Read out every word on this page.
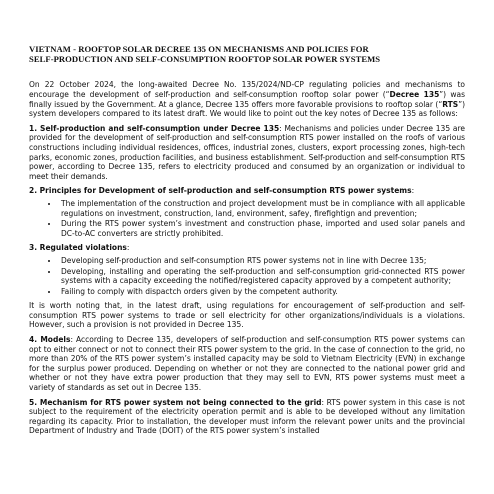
VIETNAM - ROOFTOP SOLAR DECREE 135 ON MECHANISMS AND POLICIES FOR
SELF-PRODUCTION AND SELF-CONSUMPTION ROOFTOP SOLAR POWER SYSTEMS

On 22 October 2024, the long-awaited Decree No. 135/2024/ND-CP regulating policies and mechanisms to encourage the development of self-production and self-consumption rooftop solar power (“Decree 135”) was finally issued by the Government. At a glance, Decree 135 offers more favorable provisions to rooftop solar (“RTS”) system developers compared to its latest draft. We would like to point out the key notes of Decree 135 as follows:

1. Self-production and self-consumption under Decree 135: Mechanisms and policies under Decree 135 are provided for the development of self-production and self-consumption RTS power installed on the roofs of various constructions including individual residences, offices, industrial zones, clusters, export processing zones, high-tech parks, economic zones, production facilities, and business establishment. Self-production and self-consumption RTS power, according to Decree 135, refers to electricity produced and consumed by an organization or individual to meet their demands.

2. Principles for Development of self-production and self-consumption RTS power systems:

• The implementation of the construction and project development must be in compliance with all applicable regulations on investment, construction, land, environment, safey, firefightign and prevention;
• During the RTS power system’s investment and construction phase, imported and used solar panels and DC-to-AC converters are strictly prohibited.

3. Regulated violations:

• Developing self-production and self-consumption RTS power systems not in line with Decree 135;
• Developing, installing and operating the self-production and self-consumption grid-connected RTS power systems with a capacity exceeding the notified/registered capacity approved by a competent authority;
• Failing to comply with dispactch orders given by the competent authority.

It is worth noting that, in the latest draft, using regulations for encouragement of self-production and self-consumption RTS power systems to trade or sell electricity for other organizations/individuals is a violations. However, such a provision is not provided in Decree 135.

4. Models: According to Decree 135, developers of self-production and self-consumption RTS power systems can opt to either connect or not to connect their RTS power system to the grid. In the case of connection to the grid, no more than 20% of the RTS power system’s installed capacity may be sold to Vietnam Electricity (EVN) in exchange for the surplus power produced. Depending on whether or not they are connected to the national power grid and whether or not they have extra power production that they may sell to EVN, RTS power systems must meet a variety of standards as set out in Decree 135.

5. Mechanism for RTS power system not being connected to the grid: RTS power system in this case is not subject to the requirement of the electricity operation permit and is able to be developed without any limitation regarding its capacity. Prior to installation, the developer must inform the relevant power units and the provincial Department of Industry and Trade (DOIT) of the RTS power system’s installed
